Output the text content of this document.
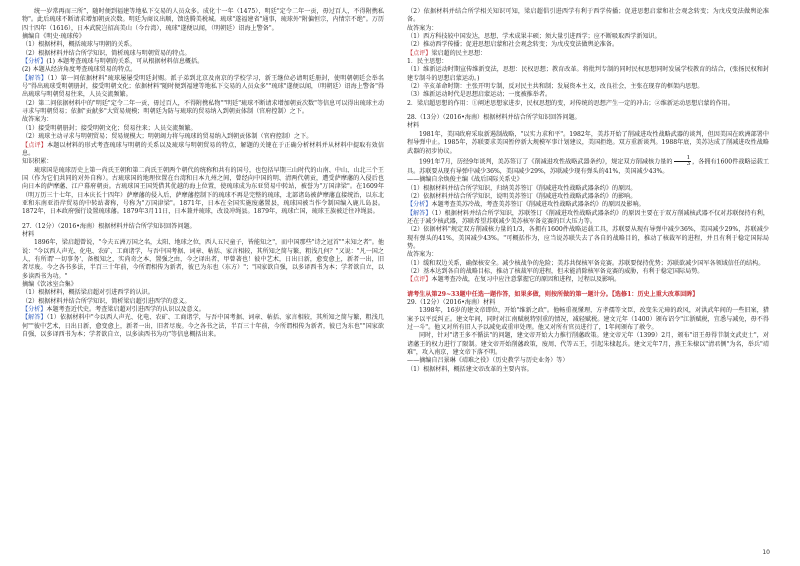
统一岁常再而三所”，随时便到福建等地私下交易的人员众多。成化十一年（1475），明廷"定令二年一贡，毋过百人，不得附携私物"。此后琉球不断请求增加朝贡次数。明廷为商议出顺，馈迭腾美税城。琉球"遂福建省"通事，琉球外"附偏恒宗，内情宗不绝"。万历四十四年（1616），日本武院岂招高美山（今台湾），琉球"遂便以闻，（明朝廷）诏海上警备"。

摘编自《明史·琉球传》

（1）根据材料，概括琉球与明朝的关系。

（2）根据材料并结合所学知识，简析琉球与明朝贸易的特点。

【分析】(1) 本题考查琉球与明朝的关系，可从根据材料信息概括。

(2) 本题从经济角度考查琉球贸易的特点。

【解答】（1）第一问依据材料"琉球屡屡受明廷封赐。派子弟到北京及南京的学校学习，新王继位必请明廷册封，使明朝朝廷会举名号"得出琉球受明朝册封，接受明朝文化；依据材料"随时便到福建等地私下交易的人员众多""琉球"遂便以闻，（明朝廷）诏海上警备"得出琉球与明朝贸易往来，人员交流频繁。

（2）第二问依据材料中的"明廷"定令二年一贡，毋过百人，不得附携私物""明廷"琉球不断请求增加朝贡次数"等信息可以得出琉球主动寻求与明朝贸易；依据"贡献多"大贸易规模；明朝廷为防与琉球的贸易纳入到朝贡体制（官府控制）之下。

故答案为：

（1）接受明朝册封；接受明朝文化；贸易往来；人员交流频繁。

（2）琉球主动寻求与明朝贸易；贸易规模大；明朝竭力将与琉球的贸易纳入到朝贡体制（官府控制）之下。

【点评】本题以材料的形式考查琉球与明朝的关系以及琉球与明朝贸易的特点，解题的关键在于正确分析材料并从材料中提取有效信息。

知识积累：

琉球国是琉球历史上第一尚氏王朝和第二尚氏王朝两个朝代的统称和共有的国号，也包括早期三山时代的山南、中山、山北三个王国（作为它们共同的对外自称）。古琉球国的地理位置在台湾和日本九州之间，曾经向中国的明、清两代朝贡，遭受萨摩藩的入侵后也向日本的萨摩藩、江户幕府朝贡。古琉球国王国凭借其优越的海上位置，使琉球成为东亚贸易中转站，被誉为"万国津梁"。在1609年（明万历三十七年，日本庆长十四年）萨摩藩的侵入后，萨摩藩控制下的琉球不再是完整的琉球，北部诸岛被萨摩藩直接统治，以东北亚和东南亚沿岸贸易的中转站著称，号称为"万国津梁"。1871年，日本在全国实施废藩置县，琉球国被当作令制国编入鹿儿岛县。1872年，日本政府强行设置琉球藩。1879年3月11日，日本兼并琉球，改设冲绳县。1879年，琉球亡国，琉球王族被迁往冲绳县。

27.（12分）（2016•海南）根据材料并结合所学知识回答问题。

材料

1896年，梁启超曾说，"今夫五洲万国之名，太阳、地球之位，西人五尺童子，皆能知之"，而中国那些"诗之冠首""未知之者"。他说："今以西人声光、化电、农矿、工商诸学，与吾中国考据、词章、帖括、家言相较，其所知之简与繁，粗浅几何？"又说："凡一国之人，有所谓'一切事务'，备极知之，实尚奇之本，置强之由，今之译出者，甲曾著也！彼中艺术，日出日新，愈变愈上，新者一出，旧者尽废。今之各书多法，半百三十年前，今所谓相传为新者，彼已为东也（东方）"；"国家欲自强，以多译西书为本；学者欲自立，以多读西书为功。"

摘编《饮冰室合集》

（1）根据材料，概括梁启超对引进西学的认识。

（2）根据材料并结合所学知识，简析梁启超引进西学的意义。

【分析】本题考查近代史。考查梁启超对引进西学的认识以及意义。

【解答】（1）依据材料中"今以西人声光、化电、农矿、工商诸学，与吾中国考据、词章、帖括、家言相较，其所知之简与繁，粗浅几何""彼中艺术，日出日新，愈变愈上，新者一出，旧者尽废。今之各书之法，半百三十年前，今所谓相传为新者，彼已为东也""国家欲自强，以多译西书为本；学者欲自立，以多读西书为功"等信息概括出来。

（2）依据材料并结合所学相关知识可知，梁启超倡引进西学有利于西学传播；促进思想启蒙和社会观念转变；为戊戌变法做舆论准备。

故答案为：

（1）西方科技较中国发达，思想、学术成果丰硕；须大量引进西学；应不断吸取西学新知识。

（2）推动西学传播；促进思想启蒙和社会观念转变；为戊戌变法做舆论准备。

【点评】梁启超的民主思想：

1．民主思想：

（1）维新运动时期宣传维新变法，思想：民权思想；教育改革。将批判专制的同时民权思想同时发展学校教育的结合，(张扬民权和封建专制斗的思想启蒙运动。)

（2）辛亥革命时期：主张开明专制，反对民主共和制；发展资本主义，改良社会，主张在现存的框架内思想。

（3）维新运动时代是思想启蒙运动；一度被推举者。

2．梁启超思想的作用：①阐述思想家进步，民权思想的变，对传统的思想产生一定的冲击；②维新运动思想启蒙的作用。

28.（13分）（2016•海南）根据材料并结合所学知识回答问题。

材料

1981年，美国政府采取新遏制战略，"以实力求和平"。1982年，美苏开始了削减进攻性战略武器的谈判，但因美国在欧洲部署中程导弹中止。1985年，苏联要求美国暂停新大规模军事计划建议，美国拒绝。双方重新谈判。1988年底，美苏达成了削减进攻性战略武器的初步协议。

1991年7月，历经9年谈判，美苏签订了《削减进攻性战略武器条约》，规定双方削减核力量的 $\frac{1}{3}$ ，各拥有1600件战略运载工具。苏联要从现有导弹中减少36%，美国减少29%，苏联减少现有弹头的41%，美国减少43%。

——摘编自余焕俊主编《战后国际关系史》

（1）根据材料并结合所学知识，归纳美苏签订《削减进攻性战略武器条约》的原因。

（2）依据材料并结合所学知识，说明美苏签订《削减进攻性战略武器条约》的影响。

【分析】本题考查美苏冷战，考查美苏签订《削减进攻性战略武器条约》的原因及影响。

【解答】（1）根据材料并结合所学知识，苏联签订《削减进攻性战略武器条约》的原因主要在于双方削减核武器不仅对苏联保持有利，还在于减少核武器，苏联希望苏联减少美苏核军备竞赛的巨大压力等。

（2）依据材料"规定双方削减核力量的1/3，各拥有1600件战略运载工具，苏联要从现有导弹中减少36%，美国减少29%，苏联减少现有弹头的41%，美国减少43%。"可概括作为，应当说苏联失去了各自的战略目的，推动了核裁军的进程，并且有利于稳定国际局势。

故答案为：

（1）缓和双边关系，确保核安全。减少核战争的危险；美苏共保核军备竞赛。苏联要保持优势；苏联欲减少国军各领域信任的结构。

（2）基本达到各自的战略目标，推动了核裁军的进程，但未能消除核军备竞赛的威胁，有利于稳定国际局势。

【点评】本题考查冷战，在复习中应注意掌握它的原因和进程，过程以及影响。

请考生从第29~33题中任选一题作答，如果多做，则按所做的第一题计分。【选修1：历史上重大改革回眸】

29.（12分）（2016•海南）材料

1398年，16岁的建文帝即位，开始"维新之政"。他畅重视懂理，方孝孺等文臣，改变朱元璋的政风，对洪武年间的一些旧案，猎案予以平反纠正。建文年间，同时对江南赋税特别重的情况，减轻赋税。建文元年（1400）颁布诏令"江浙赋税，宜悉与减免，毋不得过一斗"。他又对所有旧人予以减免或重审处理。他又对所有官员进行了，1年间颁布了赦令。

同时，针对"诸王多不循法"的问题，建文帝开始大力推行削藩政策。建文帝元年（1399）2月，颁布"诏王毋得节制文武吏士"，对诸藩王的权力进行了限制。建文帝开始削藩政策，废周、代等五王，引起朱棣起兵。建文元年7月，燕王朱棣以"清君侧"为名，举兵"靖难"，攻入南京，建文帝下落不明。

——摘编自吕景琳《靖难之役》（历史教学与历史业务）等）

（1）根据材料，概括建文帝改革的主要内容。

10
